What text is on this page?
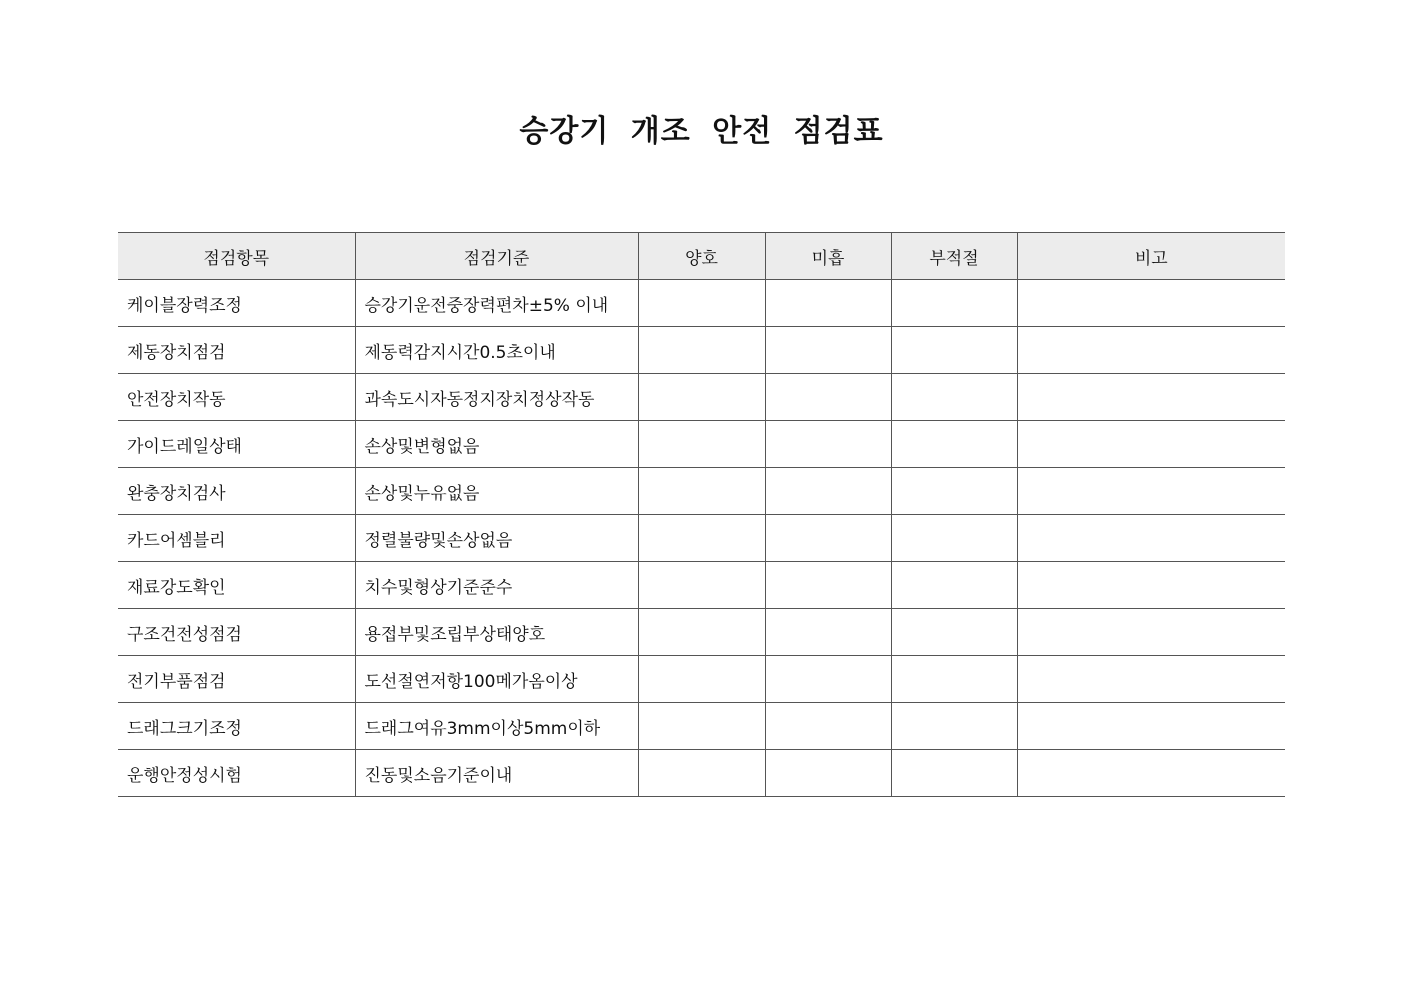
승강기 개조 안전 점검표
점검항목	점검기준	양호	미흡	부적절	비고
케이블장력조정	승강기운전중장력편차±5% 이내				
제동장치점검	제동력감지시간0.5초이내				
안전장치작동	과속도시자동정지장치정상작동				
가이드레일상태	손상및변형없음				
완충장치검사	손상및누유없음				
카드어셈블리	정렬불량및손상없음				
재료강도확인	치수및형상기준준수				
구조건전성점검	용접부및조립부상태양호				
전기부품점검	도선절연저항100메가옴이상				
드래그크기조정	드래그여유3mm이상5mm이하				
운행안정성시험	진동및소음기준이내				
